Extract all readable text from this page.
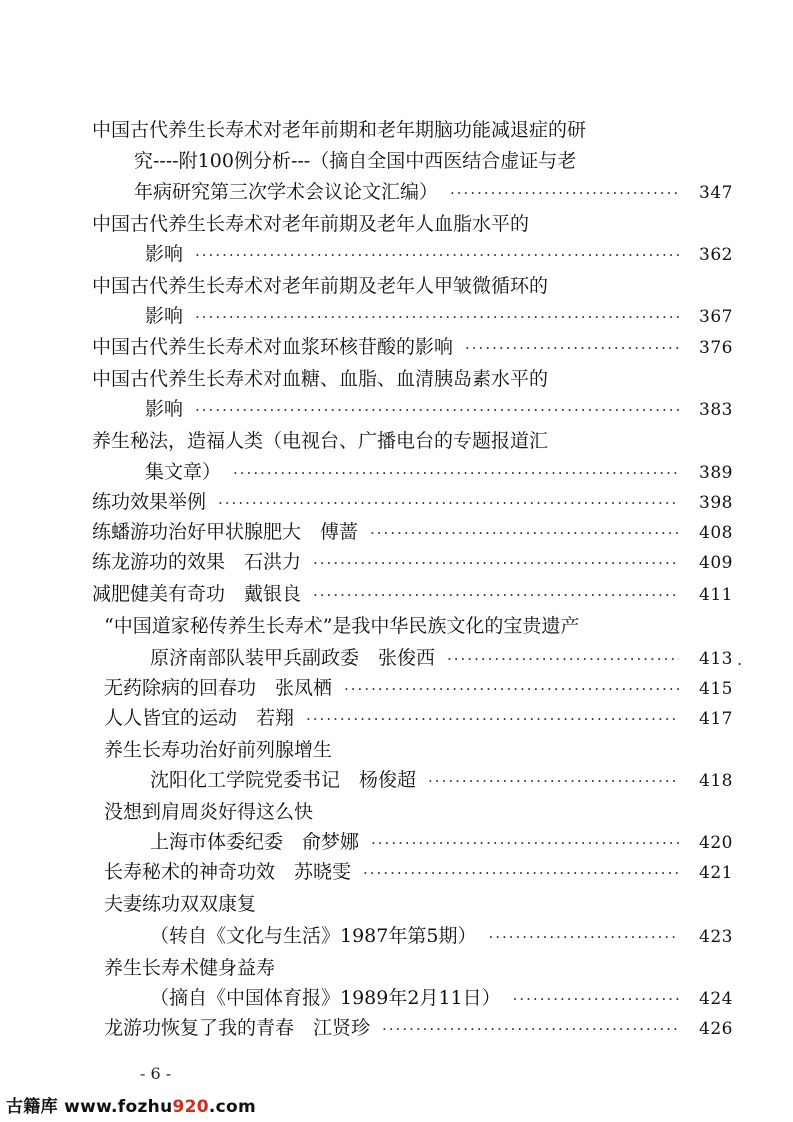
中国古代养生长寿术对老年前期和老年期脑功能减退症的研
究----附100例分析---（摘自全国中西医结合虚证与老
年病研究第三次学术会议论文汇编） ·····	347
中国古代养生长寿术对老年前期及老年人血脂水平的
影响 ·····	362
中国古代养生长寿术对老年前期及老年人甲皱微循环的
影响 ·····	367
中国古代养生长寿术对血浆环核苷酸的影响 ·····	376
中国古代养生长寿术对血糖、血脂、血清胰岛素水平的
影响 ·····	383
养生秘法，造福人类（电视台、广播电台的专题报道汇
集文章） ·····	389
练功效果举例 ·····	398
练蟠游功治好甲状腺肥大　傅蔷 ·····	408
练龙游功的效果　石洪力 ·····	409
减肥健美有奇功　戴银良 ·····	411
“中国道家秘传养生长寿术”是我中华民族文化的宝贵遗产
原济南部队装甲兵副政委　张俊西 ·····	413
无药除病的回春功　张凤栖 ·····	415
人人皆宜的运动　若翔 ·····	417
养生长寿功治好前列腺增生
沈阳化工学院党委书记　杨俊超 ·····	418
没想到肩周炎好得这么快
上海市体委纪委　俞梦娜 ·····	420
长寿秘术的神奇功效　苏晓雯 ·····	421
夫妻练功双双康复
（转自《文化与生活》1987年第5期） ·····	423
养生长寿术健身益寿
（摘自《中国体育报》1989年2月11日） ·····	424
龙游功恢复了我的青春　江贤珍 ·····	426
.
- 6 -
古籍库 www.fozhu920.com
